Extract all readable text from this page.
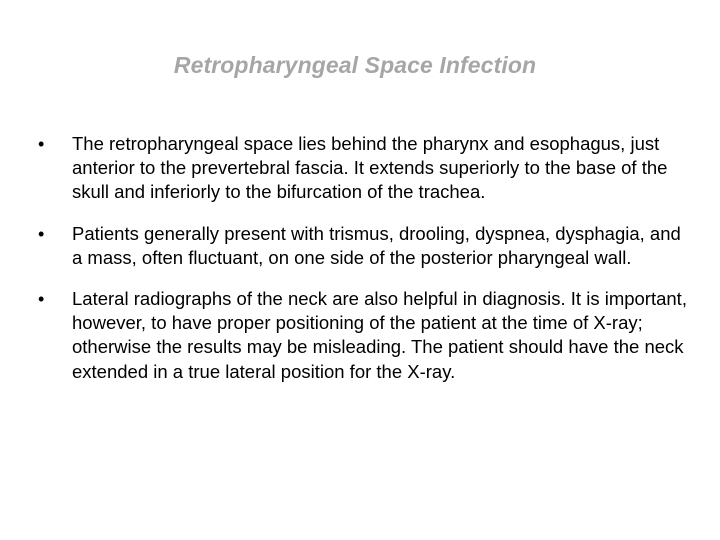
Retropharyngeal Space Infection
• The retropharyngeal space lies behind the pharynx and esophagus, just anterior to the prevertebral fascia. It extends superiorly to the base of the skull and inferiorly to the bifurcation of the trachea.
• Patients generally present with trismus, drooling, dyspnea, dysphagia, and a mass, often fluctuant, on one side of the posterior pharyngeal wall.
• Lateral radiographs of the neck are also helpful in diagnosis. It is important, however, to have proper positioning of the patient at the time of X-ray; otherwise the results may be misleading. The patient should have the neck extended in a true lateral position for the X-ray.
